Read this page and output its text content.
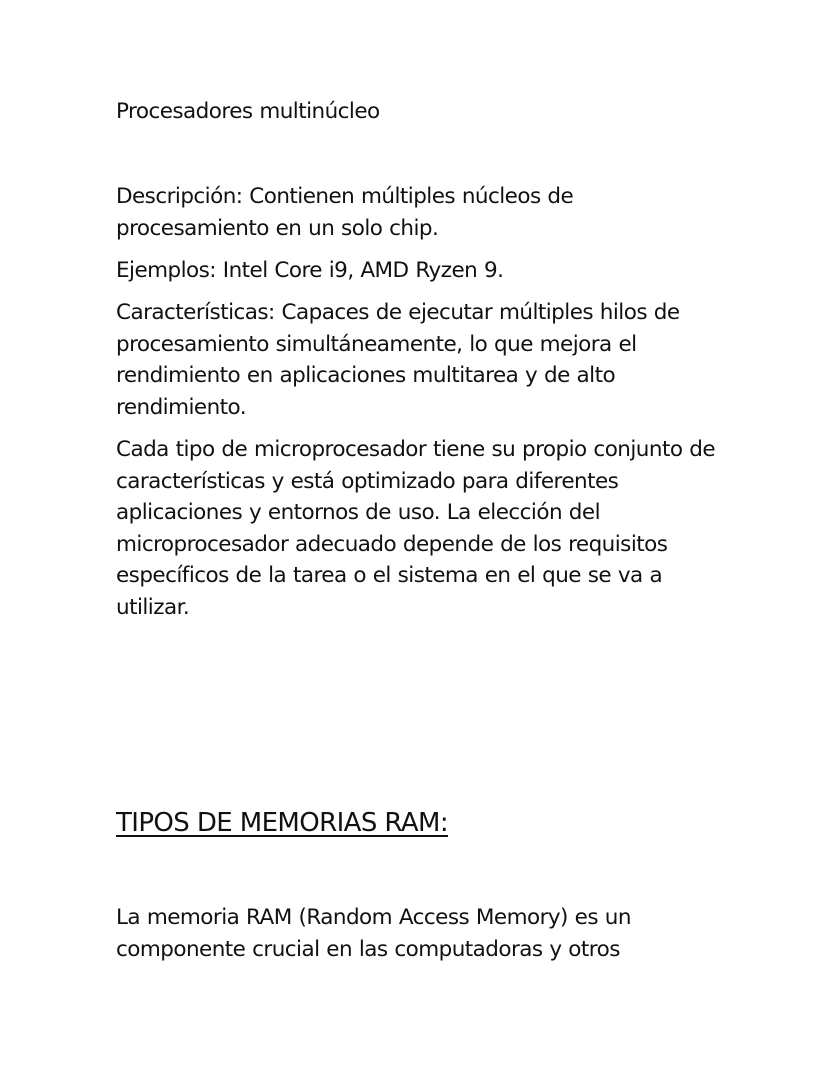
Procesadores multinúcleo

Descripción: Contienen múltiples núcleos de procesamiento en un solo chip.

Ejemplos: Intel Core i9, AMD Ryzen 9.

Características: Capaces de ejecutar múltiples hilos de procesamiento simultáneamente, lo que mejora el rendimiento en aplicaciones multitarea y de alto rendimiento.

Cada tipo de microprocesador tiene su propio conjunto de características y está optimizado para diferentes aplicaciones y entornos de uso. La elección del microprocesador adecuado depende de los requisitos específicos de la tarea o el sistema en el que se va a utilizar.

TIPOS DE MEMORIAS RAM:

La memoria RAM (Random Access Memory) es un componente crucial en las computadoras y otros
